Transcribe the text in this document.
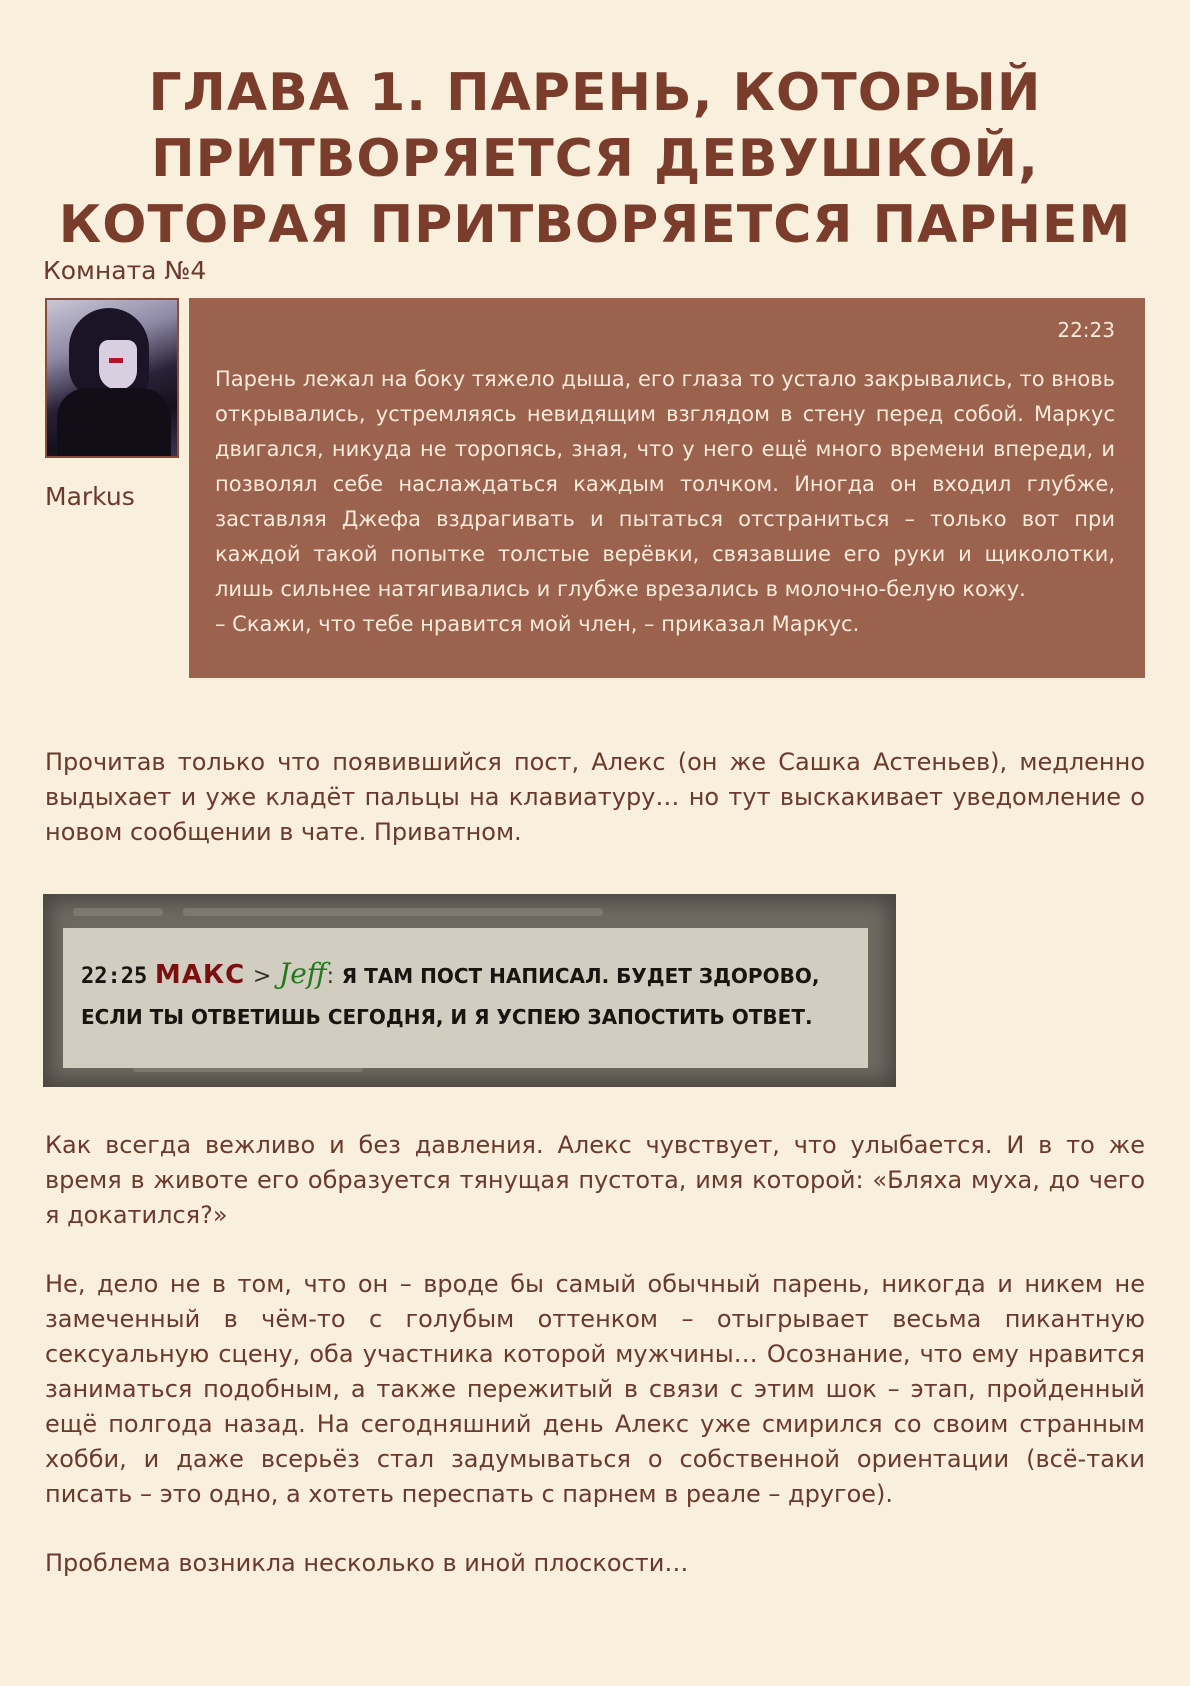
ГЛАВА 1. ПАРЕНЬ, КОТОРЫЙ ПРИТВОРЯЕТСЯ ДЕВУШКОЙ, КОТОРАЯ ПРИТВОРЯЕТСЯ ПАРНЕМ
Комната №4
Markus
22:23

Парень лежал на боку тяжело дыша, его глаза то устало закрывались, то вновь открывались, устремляясь невидящим взглядом в стену перед собой. Маркус двигался, никуда не торопясь, зная, что у него ещё много времени впереди, и позволял себе наслаждаться каждым толчком. Иногда он входил глубже, заставляя Джефа вздрагивать и пытаться отстраниться – только вот при каждой такой попытке толстые верёвки, связавшие его руки и щиколотки, лишь сильнее натягивались и глубже врезались в молочно-белую кожу.
– Скажи, что тебе нравится мой член, – приказал Маркус.

Прочитав только что появившийся пост, Алекс (он же Сашка Астеньев), медленно выдыхает и уже кладёт пальцы на клавиатуру… но тут выскакивает уведомление о новом сообщении в чате. Приватном.

22:25 МАКС > Jeff: Я ТАМ ПОСТ НАПИСАЛ. БУДЕТ ЗДОРОВО, ЕСЛИ ТЫ ОТВЕТИШЬ СЕГОДНЯ, И Я УСПЕЮ ЗАПОСТИТЬ ОТВЕТ.

Как всегда вежливо и без давления. Алекс чувствует, что улыбается. И в то же время в животе его образуется тянущая пустота, имя которой: «Бляха муха, до чего я докатился?»

Не, дело не в том, что он – вроде бы самый обычный парень, никогда и никем не замеченный в чём-то с голубым оттенком – отыгрывает весьма пикантную сексуальную сцену, оба участника которой мужчины… Осознание, что ему нравится заниматься подобным, а также пережитый в связи с этим шок – этап, пройденный ещё полгода назад. На сегодняшний день Алекс уже смирился со своим странным хобби, и даже всерьёз стал задумываться о собственной ориентации (всё-таки писать – это одно, а хотеть переспать с парнем в реале – другое).

Проблема возникла несколько в иной плоскости…
